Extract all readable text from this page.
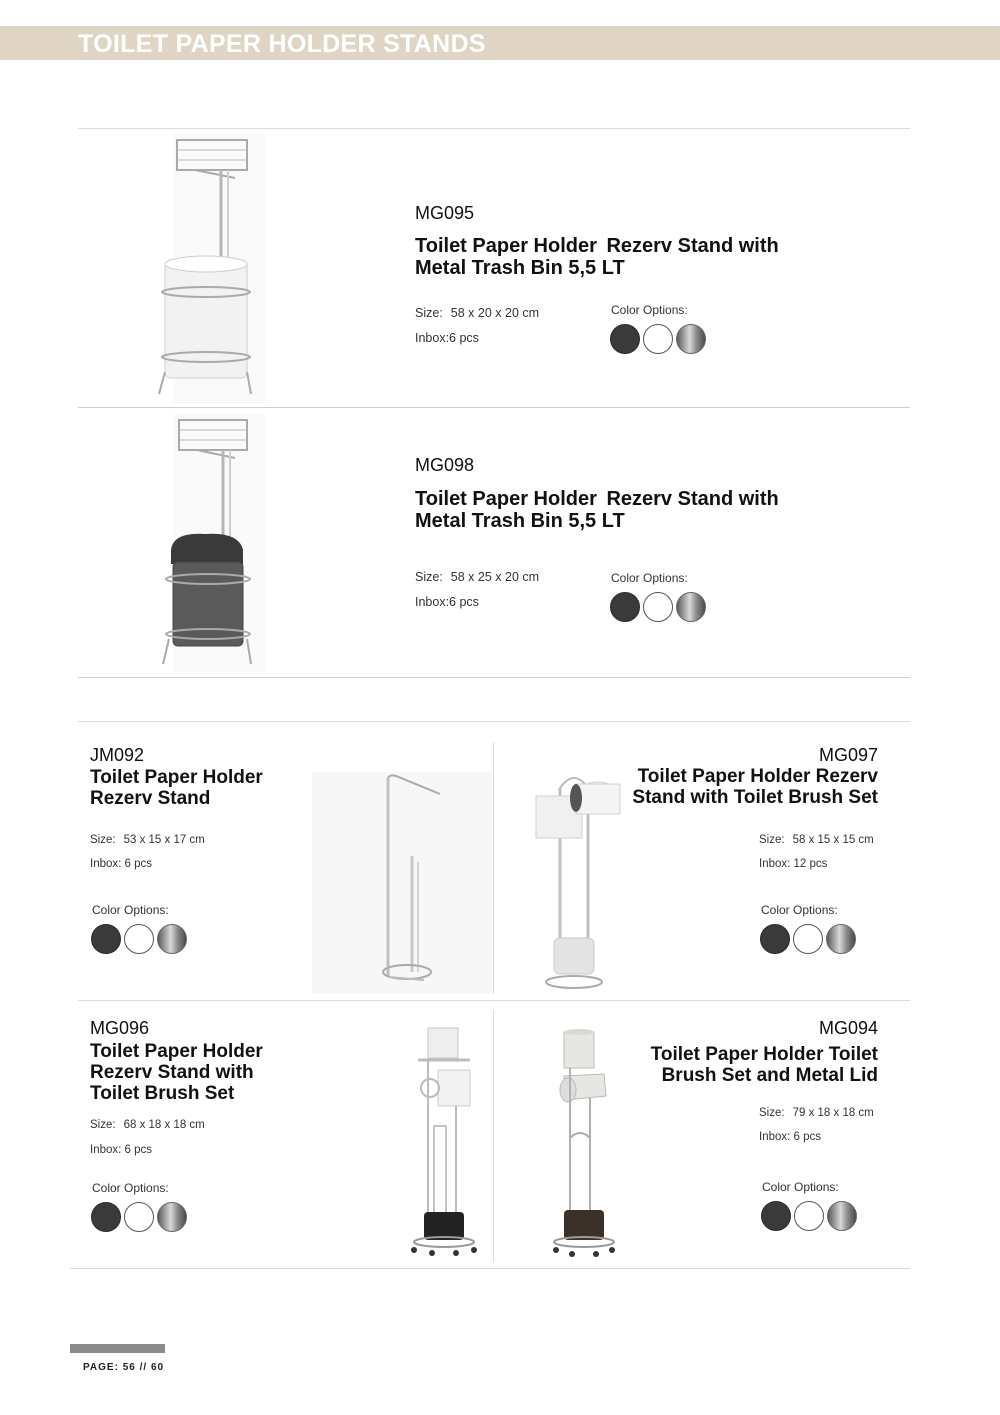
TOILET PAPER HOLDER STANDS
MG095
Toilet Paper Holder Rezerv Stand with
Metal Trash Bin 5,5 LT
Size: 58 x 20 x 20 cm
Inbox:6 pcs
Color Options:
MG098
Toilet Paper Holder Rezerv Stand with
Metal Trash Bin 5,5 LT
Size: 58 x 25 x 20 cm
Inbox:6 pcs
Color Options:
JM092
Toilet Paper Holder
Rezerv Stand
Size: 53 x 15 x 17 cm
Inbox: 6 pcs
Color Options:
MG097
Toilet Paper Holder Rezerv
Stand with Toilet Brush Set
Size: 58 x 15 x 15 cm
Inbox: 12 pcs
Color Options:
MG096
Toilet Paper Holder
Rezerv Stand with
Toilet Brush Set
Size: 68 x 18 x 18 cm
Inbox: 6 pcs
Color Options:
MG094
Toilet Paper Holder Toilet
Brush Set and Metal Lid
Size: 79 x 18 x 18 cm
Inbox: 6 pcs
Color Options:
PAGE: 56 // 60
